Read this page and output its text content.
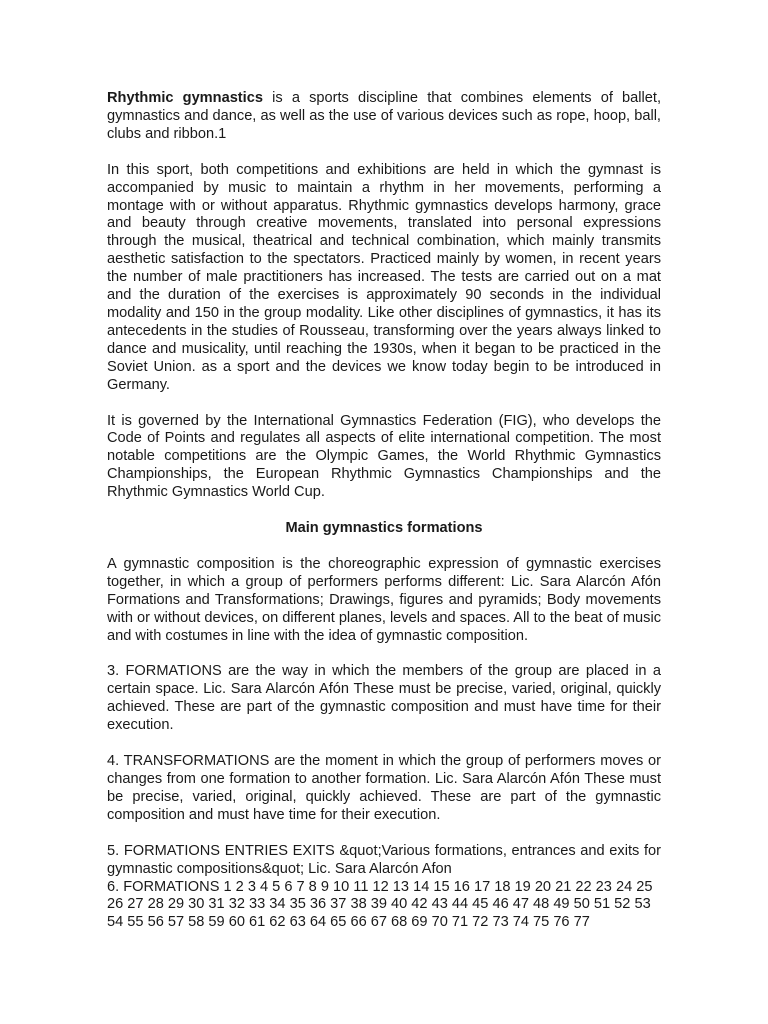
Rhythmic gymnastics is a sports discipline that combines elements of ballet, gymnastics and dance, as well as the use of various devices such as rope, hoop, ball, clubs and ribbon.1

In this sport, both competitions and exhibitions are held in which the gymnast is accompanied by music to maintain a rhythm in her movements, performing a montage with or without apparatus. Rhythmic gymnastics develops harmony, grace and beauty through creative movements, translated into personal expressions through the musical, theatrical and technical combination, which mainly transmits aesthetic satisfaction to the spectators. Practiced mainly by women, in recent years the number of male practitioners has increased. The tests are carried out on a mat and the duration of the exercises is approximately 90 seconds in the individual modality and 150 in the group modality. Like other disciplines of gymnastics, it has its antecedents in the studies of Rousseau, transforming over the years always linked to dance and musicality, until reaching the 1930s, when it began to be practiced in the Soviet Union. as a sport and the devices we know today begin to be introduced in Germany.

It is governed by the International Gymnastics Federation (FIG), who develops the Code of Points and regulates all aspects of elite international competition. The most notable competitions are the Olympic Games, the World Rhythmic Gymnastics Championships, the European Rhythmic Gymnastics Championships and the Rhythmic Gymnastics World Cup.

Main gymnastics formations

A gymnastic composition is the choreographic expression of gymnastic exercises together, in which a group of performers performs different: Lic. Sara Alarcón Afón Formations and Transformations; Drawings, figures and pyramids; Body movements with or without devices, on different planes, levels and spaces. All to the beat of music and with costumes in line with the idea of gymnastic composition.

3. FORMATIONS are the way in which the members of the group are placed in a certain space. Lic. Sara Alarcón Afón These must be precise, varied, original, quickly achieved. These are part of the gymnastic composition and must have time for their execution.

4. TRANSFORMATIONS are the moment in which the group of performers moves or changes from one formation to another formation. Lic. Sara Alarcón Afón These must be precise, varied, original, quickly achieved. These are part of the gymnastic composition and must have time for their execution.

5. FORMATIONS ENTRIES EXITS &quot;Various formations, entrances and exits for gymnastic compositions&quot; Lic. Sara Alarcón Afon

6. FORMATIONS 1 2 3 4 5 6 7 8 9 10 11 12 13 14 15 16 17 18 19 20 21 22 23 24 25 26 27 28 29 30 31 32 33 34 35 36 37 38 39 40 42 43 44 45 46 47 48 49 50 51 52 53 54 55 56 57 58 59 60 61 62 63 64 65 66 67 68 69 70 71 72 73 74 75 76 77
